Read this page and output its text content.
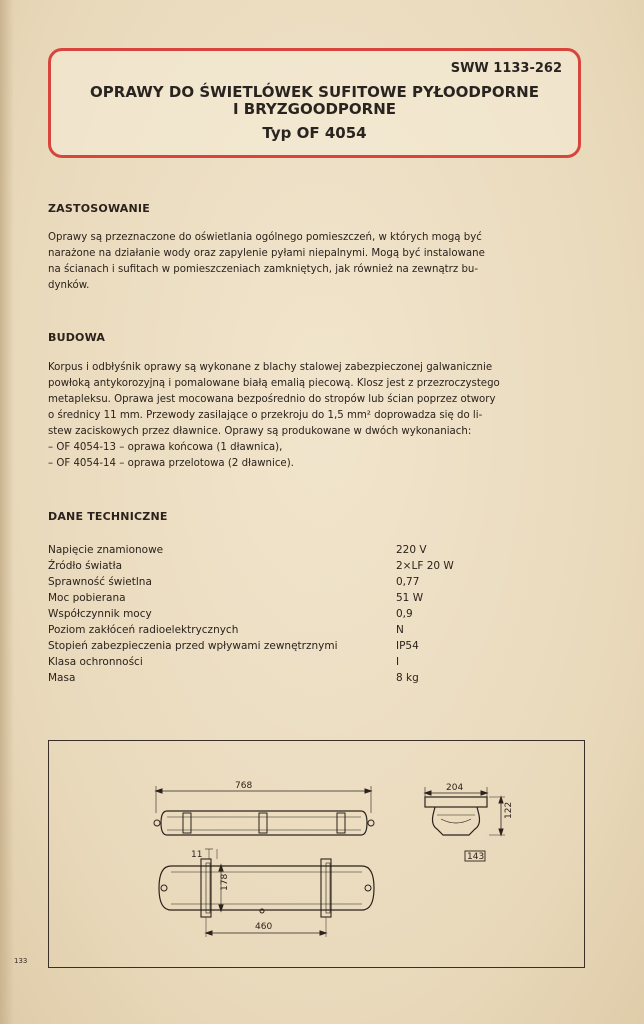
SWW 1133-262
OPRAWY DO ŚWIETLÓWEK SUFITOWE PYŁOODPORNE
I BRYZGOODPORNE
Typ OF 4054
ZASTOSOWANIE

Oprawy są przeznaczone do oświetlania ogólnego pomieszczeń, w których mogą być

narażone na działanie wody oraz zapylenie pyłami niepalnymi. Mogą być instalowane

na ścianach i sufitach w pomieszczeniach zamkniętych, jak również na zewnątrz bu-

dynków.

BUDOWA

Korpus i odbłyśnik oprawy są wykonane z blachy stalowej zabezpieczonej galwanicznie

powłoką antykorozyjną i pomalowane białą emalią piecową. Klosz jest z przezroczystego

metapleksu. Oprawa jest mocowana bezpośrednio do stropów lub ścian poprzez otwory

o średnicy 11 mm. Przewody zasilające o przekroju do 1,5 mm² doprowadza się do li-

stew zaciskowych przez dławnice. Oprawy są produkowane w dwóch wykonaniach:

– OF 4054-13 – oprawa końcowa (1 dławnica),

– OF 4054-14 – oprawa przelotowa (2 dławnice).

DANE TECHNICZNE
Napięcie znamionowe	220 V
Źródło światła	2×LF 20 W
Sprawność świetlna	0,77
Moc pobierana	51 W
Współczynnik mocy	0,9
Poziom zakłóceń radioelektrycznych	N
Stopień zabezpieczenia przed wpływami zewnętrznymi	IP54
Klasa ochronności	I
Masa	8 kg
768
11
178
460
204
122
143
133
